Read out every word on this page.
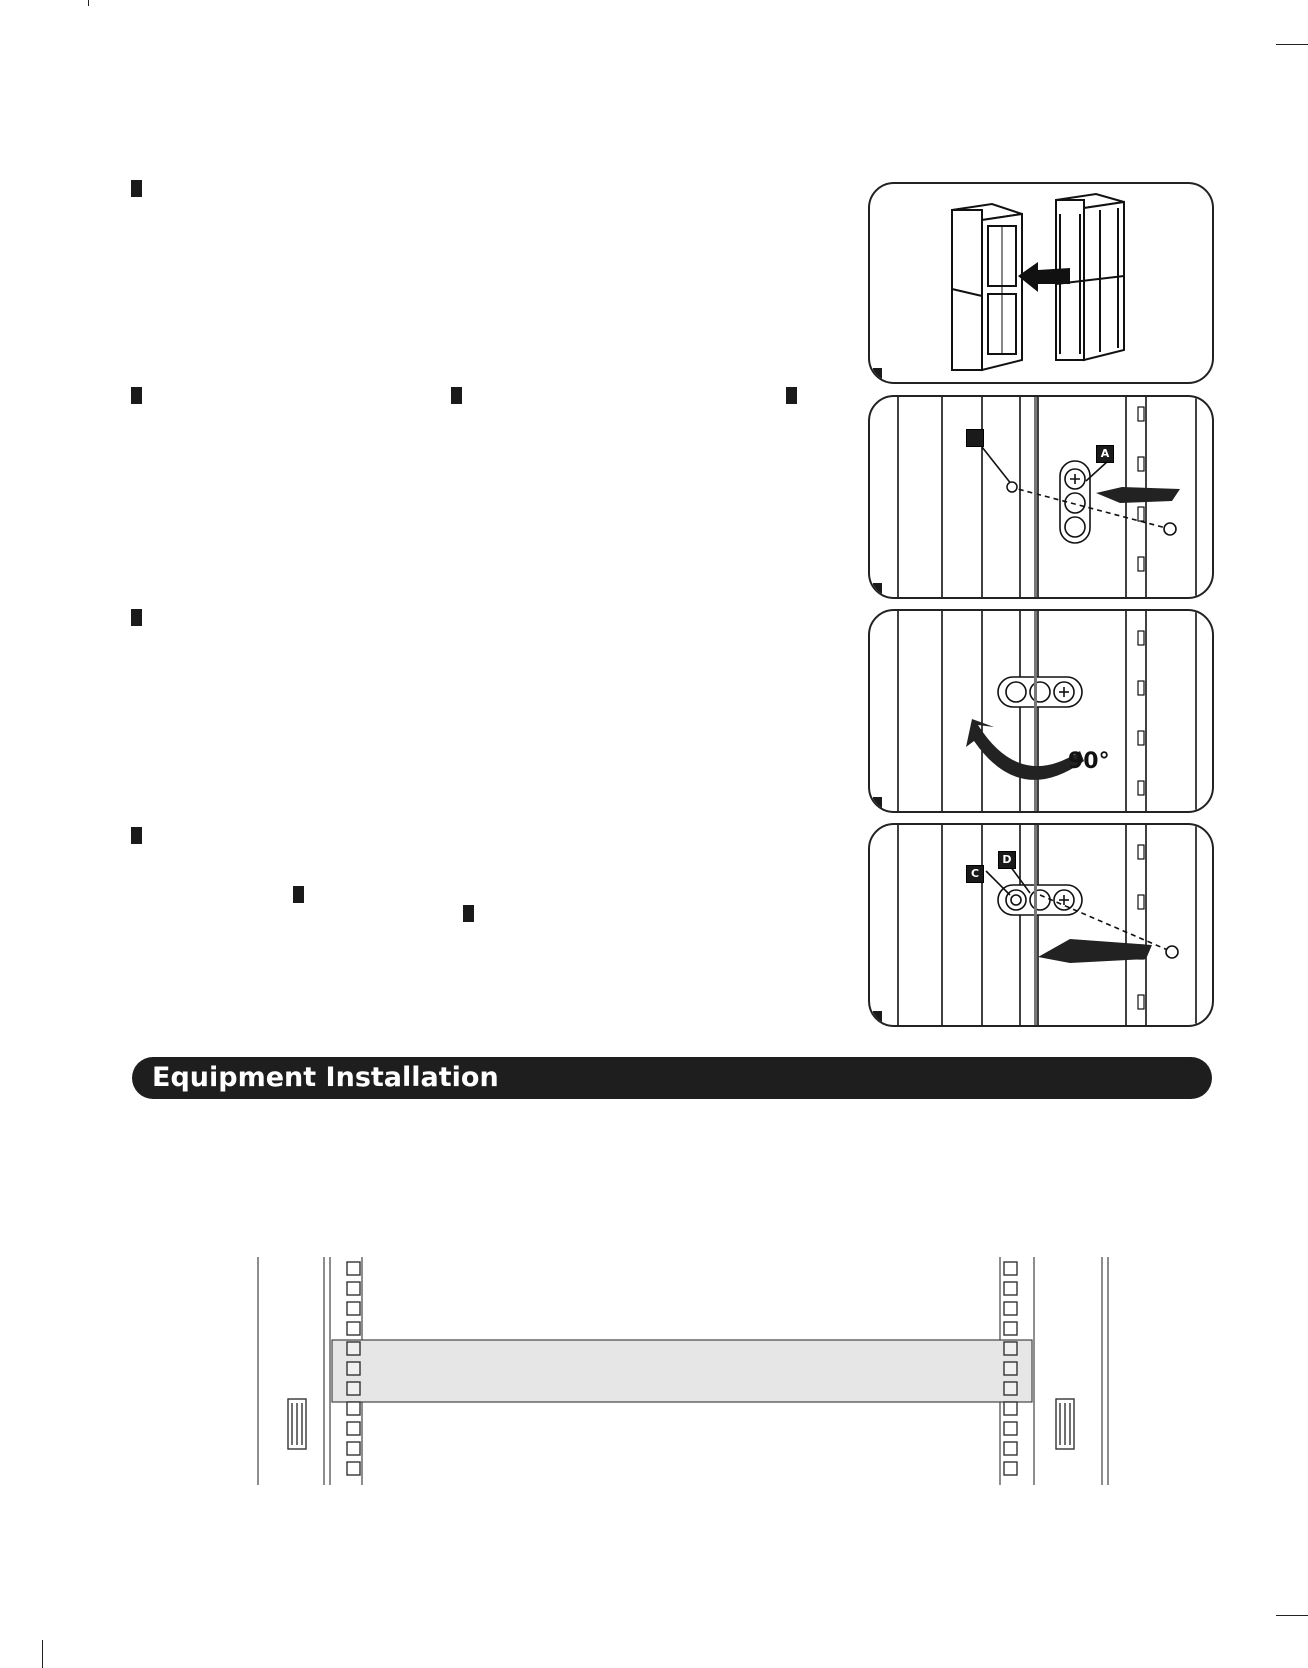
A
90°
C
D
Equipment Installation
